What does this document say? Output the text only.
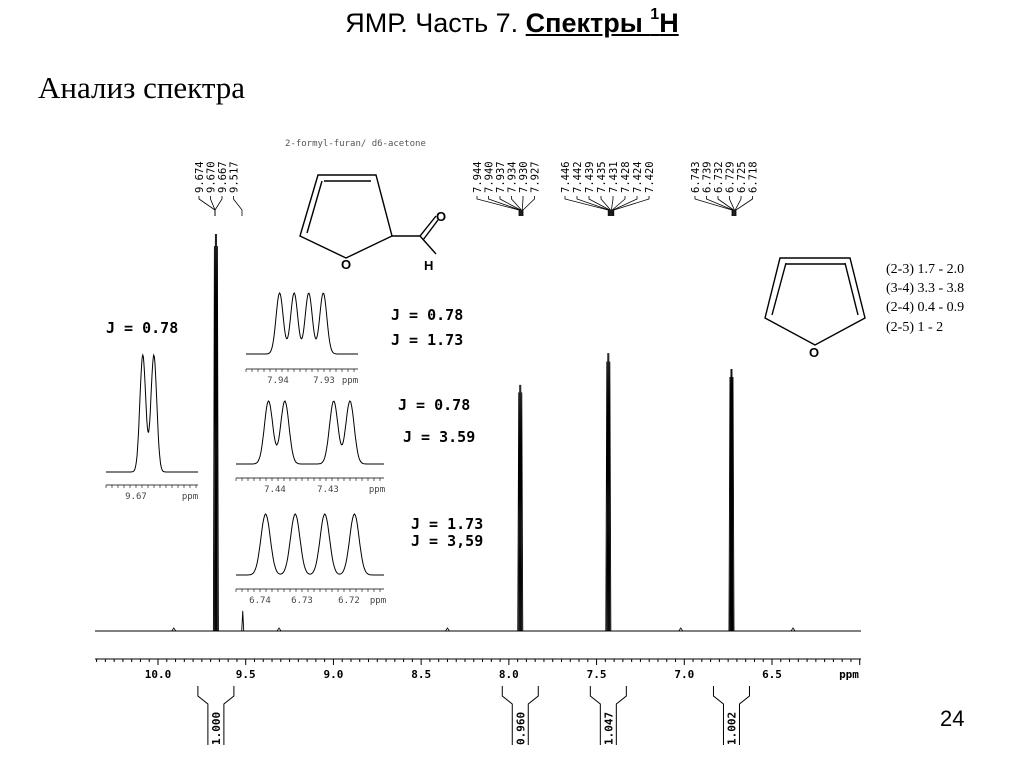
ЯМР. Часть 7. Спектры $^1$Н
Анализ спектра
2-formyl-furan/ d6-acetone
O
H
O
O
(2-3) 1.7 - 2.0
(3-4) 3.3 - 3.8
(2-4) 0.4 - 0.9
(2-5) 1 - 2
J = 0.78
J = 0.78
J = 1.73
J = 0.78
J = 3.59
J = 1.73
J = 3,59
9.674 9.670 9.667 9.517	7.944 7.940 7.937 7.934 7.930 7.927 7.446 7.442 7.439 7.435 7.431 7.428 7.424 7.420	6.743 6.739 6.732 6.729 6.725 6.718
9.67	ppm
7.94	7.93 ppm
7.44	7.43	ppm
6.74 6.73	6.72 ppm
10.0	9.5	9.0	8.5	8.0	7.5	7.0	6.5	ppm
1.000	0.960	1.047	1.002	24
